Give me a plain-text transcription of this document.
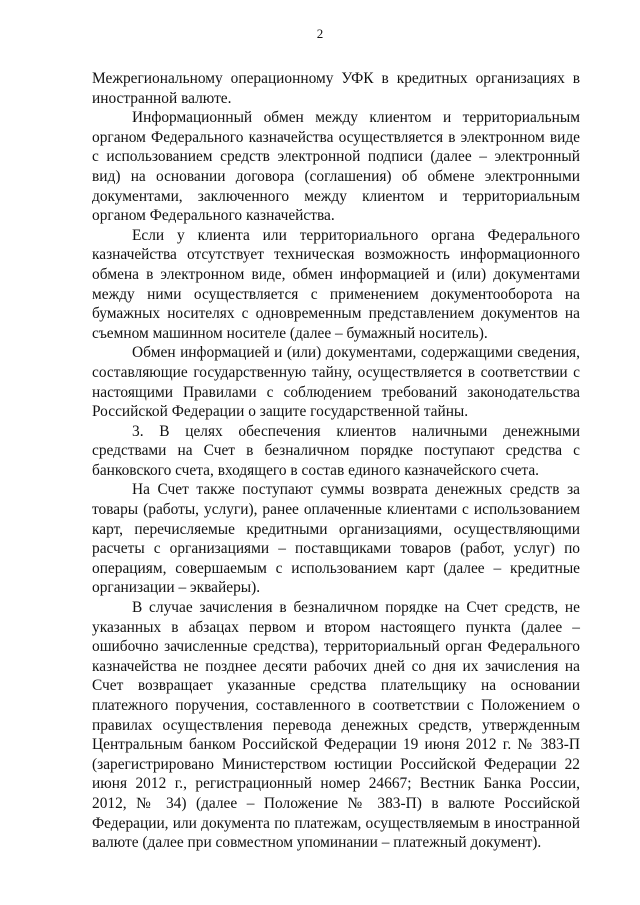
2

Межрегиональному операционному УФК в кредитных организациях в иностранной валюте.

Информационный обмен между клиентом и территориальным органом Федерального казначейства осуществляется в электронном виде с использованием средств электронной подписи (далее – электронный вид) на основании договора (соглашения) об обмене электронными документами, заключенного между клиентом и территориальным органом Федерального казначейства.

Если у клиента или территориального органа Федерального казначейства отсутствует техническая возможность информационного обмена в электронном виде, обмен информацией и (или) документами между ними осуществляется с применением документооборота на бумажных носителях с одновременным представлением документов на съемном машинном носителе (далее – бумажный носитель).

Обмен информацией и (или) документами, содержащими сведения, составляющие государственную тайну, осуществляется в соответствии с настоящими Правилами с соблюдением требований законодательства Российской Федерации о защите государственной тайны.

3. В целях обеспечения клиентов наличными денежными средствами на Счет в безналичном порядке поступают средства с банковского счета, входящего в состав единого казначейского счета.

На Счет также поступают суммы возврата денежных средств за товары (работы, услуги), ранее оплаченные клиентами с использованием карт, перечисляемые кредитными организациями, осуществляющими расчеты с организациями – поставщиками товаров (работ, услуг) по операциям, совершаемым с использованием карт (далее – кредитные организации – эквайеры).

В случае зачисления в безналичном порядке на Счет средств, не указанных в абзацах первом и втором настоящего пункта (далее – ошибочно зачисленные средства), территориальный орган Федерального казначейства не позднее десяти рабочих дней со дня их зачисления на Счет возвращает указанные средства плательщику на основании платежного поручения, составленного в соответствии с Положением о правилах осуществления перевода денежных средств, утвержденным Центральным банком Российской Федерации 19 июня 2012 г. № 383-П (зарегистрировано Министерством юстиции Российской Федерации 22 июня 2012 г., регистрационный номер 24667; Вестник Банка России, 2012, № 34) (далее – Положение № 383-П) в валюте Российской Федерации, или документа по платежам, осуществляемым в иностранной валюте (далее при совместном упоминании – платежный документ).
